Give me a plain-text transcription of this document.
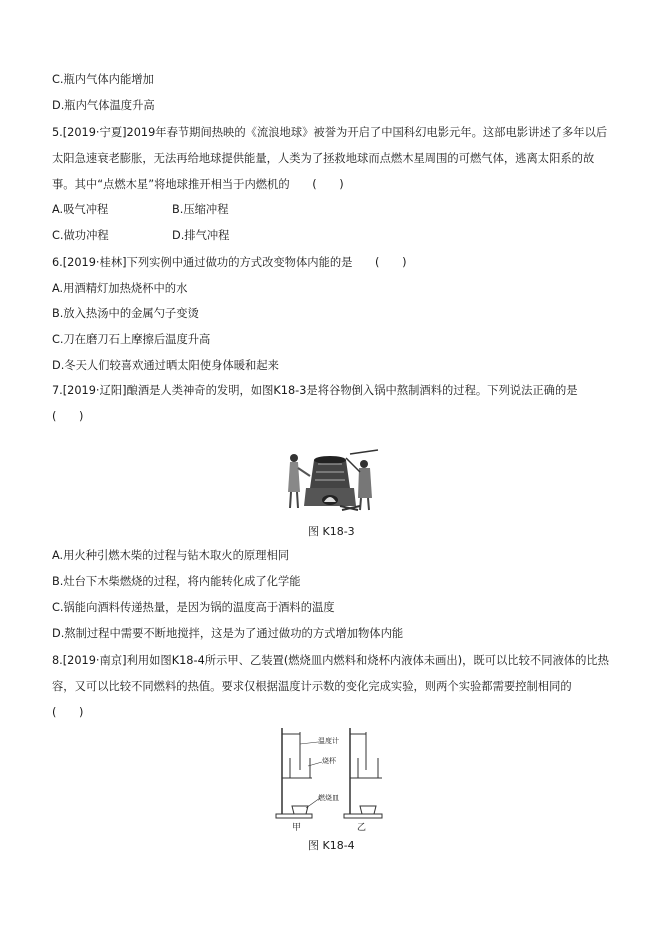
C.瓶内气体内能增加
D.瓶内气体温度升高
5.[2019·宁夏]2019年春节期间热映的《流浪地球》被誉为开启了中国科幻电影元年。这部电影讲述了多年以后太阳急速衰老膨胀，无法再给地球提供能量，人类为了拯救地球而点燃木星周围的可燃气体，逃离太阳系的故事。其中“点燃木星”将地球推开相当于内燃机的　　(　　)
A.吸气冲程	B.压缩冲程
C.做功冲程	D.排气冲程
6.[2019·桂林]下列实例中通过做功的方式改变物体内能的是　　(　　)
A.用酒精灯加热烧杯中的水
B.放入热汤中的金属勺子变烫
C.刀在磨刀石上摩擦后温度升高
D.冬天人们较喜欢通过晒太阳使身体暖和起来
7.[2019·辽阳]酿酒是人类神奇的发明，如图K18-3是将谷物倒入锅中熬制酒料的过程。下列说法正确的是　(　　)
图 K18-3
A.用火种引燃木柴的过程与钻木取火的原理相同
B.灶台下木柴燃烧的过程，将内能转化成了化学能
C.锅能向酒料传递热量，是因为锅的温度高于酒料的温度
D.熬制过程中需要不断地搅拌，这是为了通过做功的方式增加物体内能
8.[2019·南京]利用如图K18-4所示甲、乙装置(燃烧皿内燃料和烧杯内液体未画出)，既可以比较不同液体的比热容，又可以比较不同燃料的热值。要求仅根据温度计示数的变化完成实验，则两个实验都需要控制相同的　(　　)
温度计
烧杯
燃烧皿
甲	乙
图 K18-4
